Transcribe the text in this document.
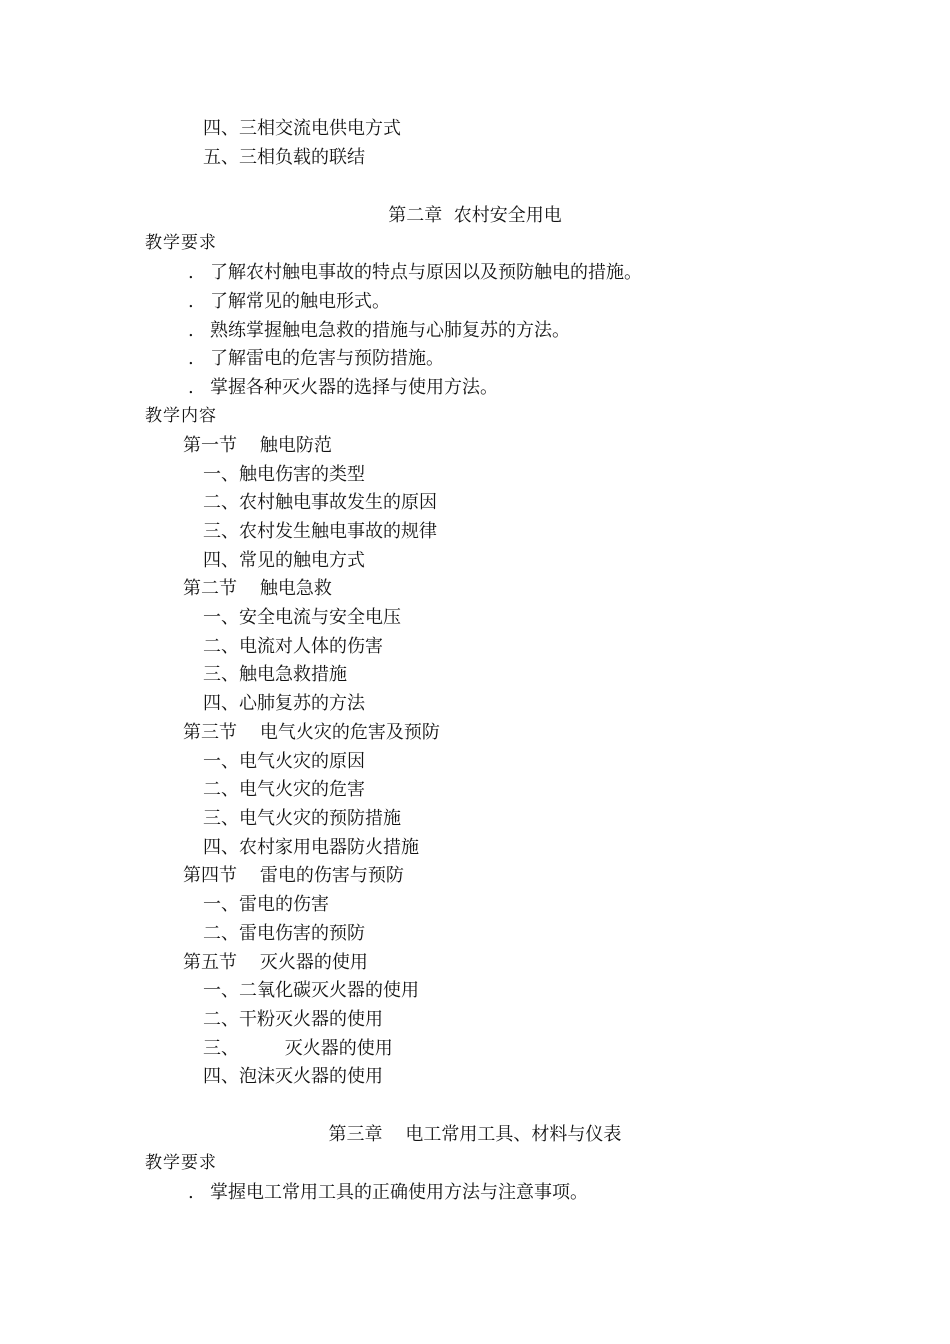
四、三相交流电供电方式
五、三相负载的联结
第二章  农村安全用电
教学要求
. 了解农村触电事故的特点与原因以及预防触电的措施。
. 了解常见的触电形式。
. 熟练掌握触电急救的措施与心肺复苏的方法。
. 了解雷电的危害与预防措施。
. 掌握各种灭火器的选择与使用方法。
教学内容
第一节    触电防范
一、触电伤害的类型
二、农村触电事故发生的原因
三、农村发生触电事故的规律
四、常见的触电方式
第二节    触电急救
一、安全电流与安全电压
二、电流对人体的伤害
三、触电急救措施
四、心肺复苏的方法
第三节    电气火灾的危害及预防
一、电气火灾的原因
二、电气火灾的危害
三、电气火灾的预防措施
四、农村家用电器防火措施
第四节    雷电的伤害与预防
一、雷电的伤害
二、雷电伤害的预防
第五节    灭火器的使用
一、二氧化碳灭火器的使用
二、干粉灭火器的使用
三、        灭火器的使用
四、泡沫灭火器的使用
第三章    电工常用工具、材料与仪表
教学要求
. 掌握电工常用工具的正确使用方法与注意事项。
